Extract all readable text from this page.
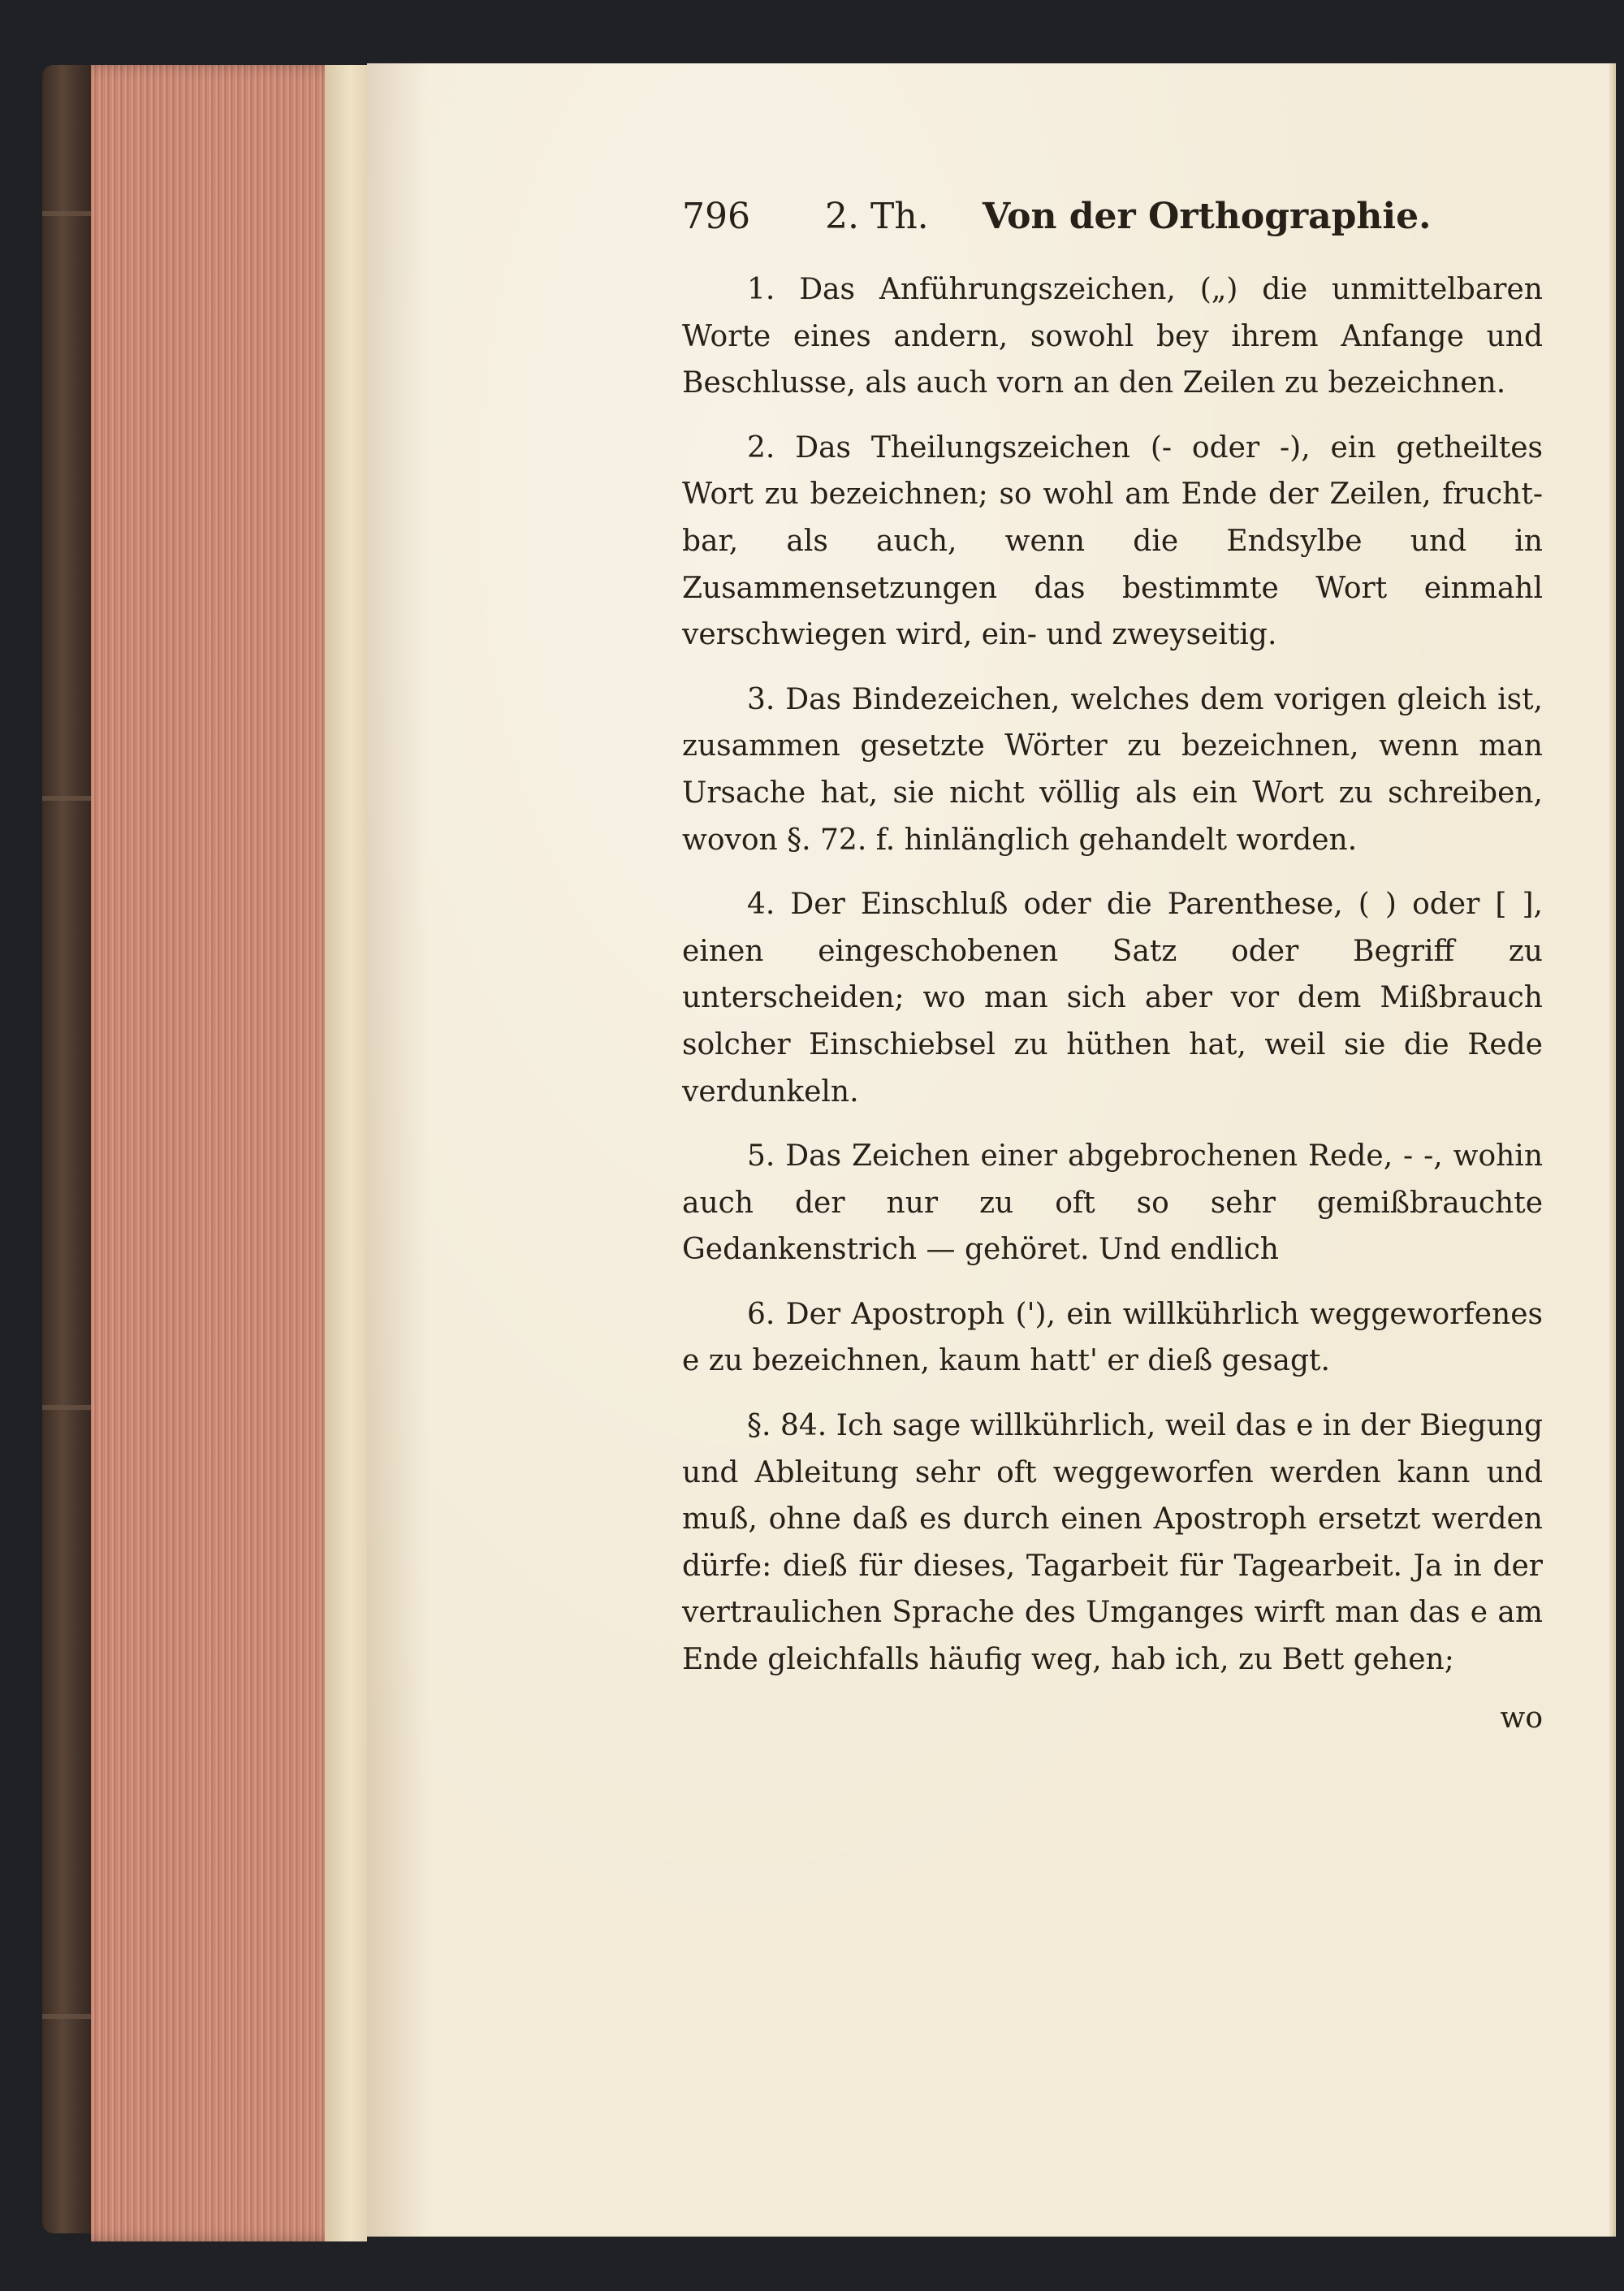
796 2. Th. Von der Orthographie.

1. Das Anführungszeichen, („) die unmittelbaren Worte eines andern, sowohl bey ihrem Anfange und Beschlusse, als auch vorn an den Zeilen zu bezeichnen.

2. Das Theilungszeichen (- oder -), ein getheiltes Wort zu bezeichnen; so wohl am Ende der Zeilen, frucht-bar, als auch, wenn die Endsylbe und in Zusammensetzungen das bestimmte Wort einmahl verschwiegen wird, ein- und zweyseitig.

3. Das Bindezeichen, welches dem vorigen gleich ist, zusammen gesetzte Wörter zu bezeichnen, wenn man Ursache hat, sie nicht völlig als ein Wort zu schreiben, wovon §. 72. f. hinlänglich gehandelt worden.

4. Der Einschluß oder die Parenthese, ( ) oder [ ], einen eingeschobenen Satz oder Begriff zu unterscheiden; wo man sich aber vor dem Mißbrauch solcher Einschiebsel zu hüthen hat, weil sie die Rede verdunkeln.

5. Das Zeichen einer abgebrochenen Rede, - -, wohin auch der nur zu oft so sehr gemißbrauchte Gedankenstrich — gehöret. Und endlich

6. Der Apostroph ('), ein willkührlich weggeworfenes e zu bezeichnen, kaum hatt' er dieß gesagt.

§. 84. Ich sage willkührlich, weil das e in der Biegung und Ableitung sehr oft weggeworfen werden kann und muß, ohne daß es durch einen Apostroph ersetzt werden dürfe: dieß für dieses, Tagarbeit für Tagearbeit. Ja in der vertraulichen Sprache des Umganges wirft man das e am Ende gleichfalls häufig weg, hab ich, zu Bett gehen;

wo
